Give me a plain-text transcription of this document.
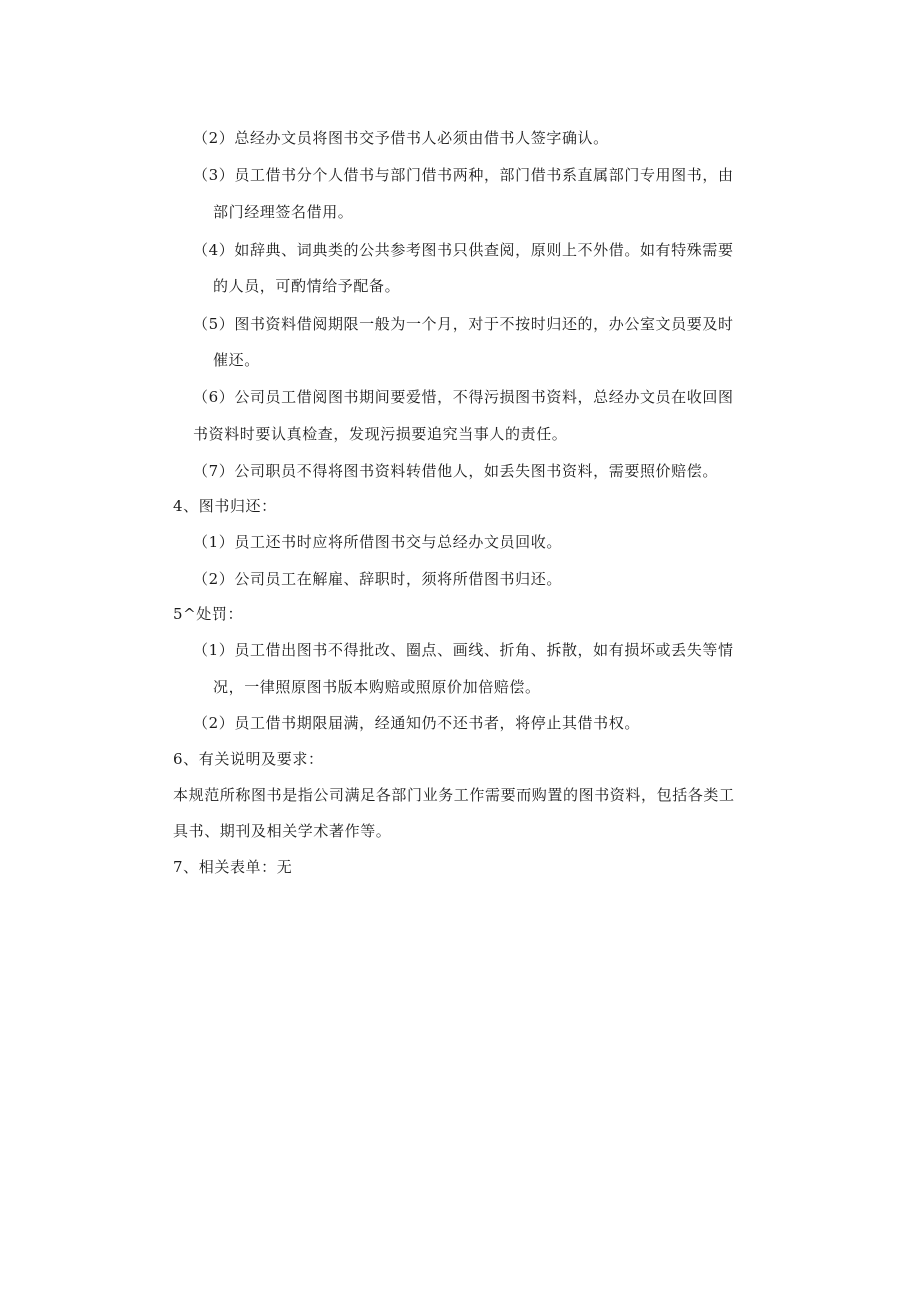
（2）总经办文员将图书交予借书人必须由借书人签字确认。
（3）员工借书分个人借书与部门借书两种，部门借书系直属部门专用图书，由
部门经理签名借用。
（4）如辞典、词典类的公共参考图书只供查阅，原则上不外借。如有特殊需要
的人员，可酌情给予配备。
（5）图书资料借阅期限一般为一个月，对于不按时归还的，办公室文员要及时
催还。
（6）公司员工借阅图书期间要爱惜，不得污损图书资料，总经办文员在收回图
书资料时要认真检查，发现污损要追究当事人的责任。
（7）公司职员不得将图书资料转借他人，如丢失图书资料，需要照价赔偿。
4、图书归还：
（1）员工还书时应将所借图书交与总经办文员回收。
（2）公司员工在解雇、辞职时，须将所借图书归还。
5^处罚：
（1）员工借出图书不得批改、圈点、画线、折角、拆散，如有损坏或丢失等情
况，一律照原图书版本购赔或照原价加倍赔偿。
（2）员工借书期限届满，经通知仍不还书者，将停止其借书权。
6、有关说明及要求：
本规范所称图书是指公司满足各部门业务工作需要而购置的图书资料，包括各类工
具书、期刊及相关学术著作等。
7、相关表单：无
